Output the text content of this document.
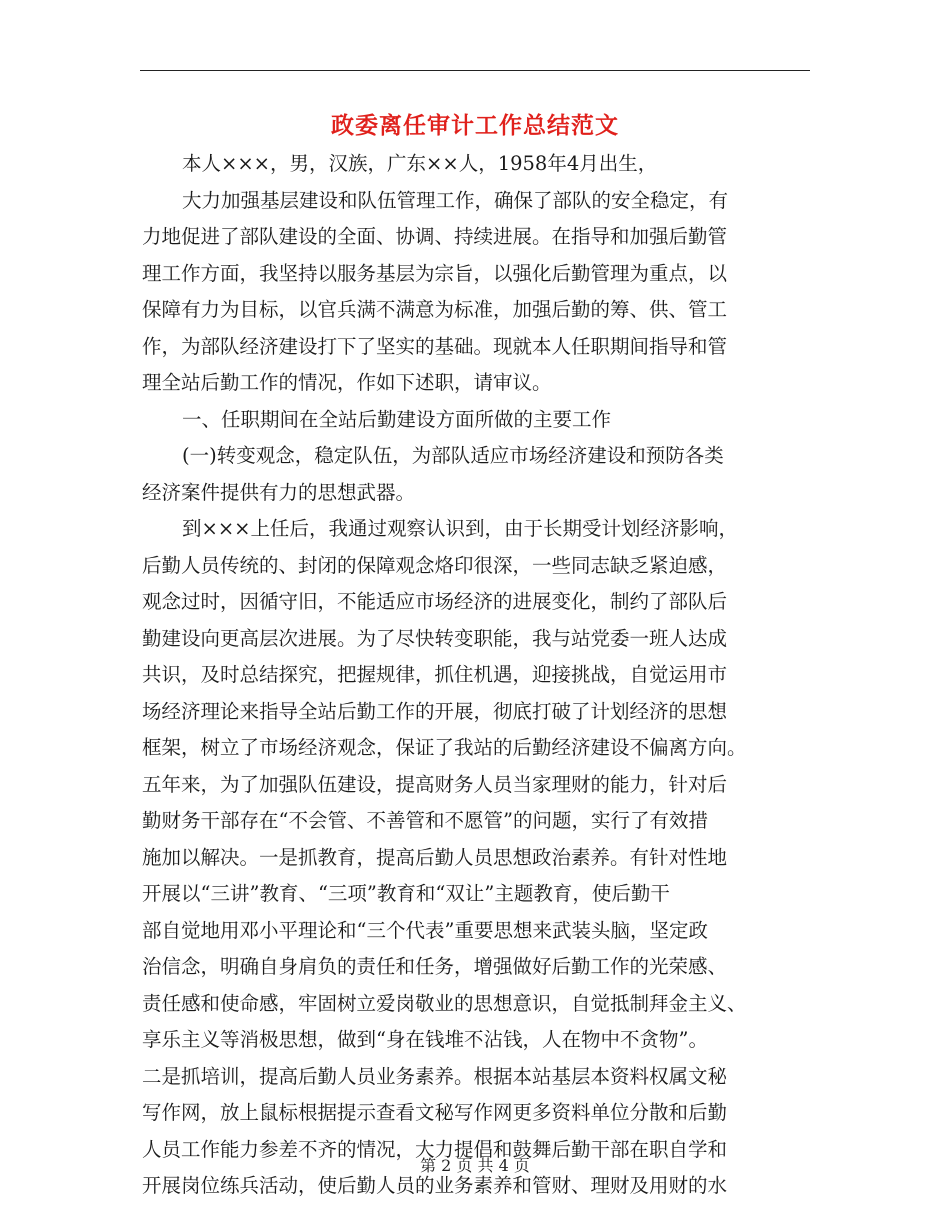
政委离任审计工作总结范文
本人×××，男，汉族，广东××人，1958年4月出生，
大力加强基层建设和队伍管理工作，确保了部队的安全稳定，有
力地促进了部队建设的全面、协调、持续进展。在指导和加强后勤管
理工作方面，我坚持以服务基层为宗旨，以强化后勤管理为重点，以
保障有力为目标，以官兵满不满意为标准，加强后勤的筹、供、管工
作，为部队经济建设打下了坚实的基础。现就本人任职期间指导和管
理全站后勤工作的情况，作如下述职，请审议。
一、任职期间在全站后勤建设方面所做的主要工作
(一)转变观念，稳定队伍，为部队适应市场经济建设和预防各类
经济案件提供有力的思想武器。
到×××上任后，我通过观察认识到，由于长期受计划经济影响，
后勤人员传统的、封闭的保障观念烙印很深，一些同志缺乏紧迫感，
观念过时，因循守旧，不能适应市场经济的进展变化，制约了部队后
勤建设向更高层次进展。为了尽快转变职能，我与站党委一班人达成
共识，及时总结探究，把握规律，抓住机遇，迎接挑战，自觉运用市
场经济理论来指导全站后勤工作的开展，彻底打破了计划经济的思想
框架，树立了市场经济观念，保证了我站的后勤经济建设不偏离方向。
五年来，为了加强队伍建设，提高财务人员当家理财的能力，针对后
勤财务干部存在“不会管、不善管和不愿管”的问题，实行了有效措
施加以解决。一是抓教育，提高后勤人员思想政治素养。有针对性地
开展以“三讲”教育、“三项”教育和“双让”主题教育，使后勤干
部自觉地用邓小平理论和“三个代表”重要思想来武装头脑，坚定政
治信念，明确自身肩负的责任和任务，增强做好后勤工作的光荣感、
责任感和使命感，牢固树立爱岗敬业的思想意识，自觉抵制拜金主义、
享乐主义等消极思想，做到“身在钱堆不沾钱，人在物中不贪物”。
二是抓培训，提高后勤人员业务素养。根据本站基层本资料权属文秘
写作网，放上鼠标根据提示查看文秘写作网更多资料单位分散和后勤
人员工作能力参差不齐的情况，大力提倡和鼓舞后勤干部在职自学和
开展岗位练兵活动，使后勤人员的业务素养和管财、理财及用财的水
第 2 页 共 4 页
